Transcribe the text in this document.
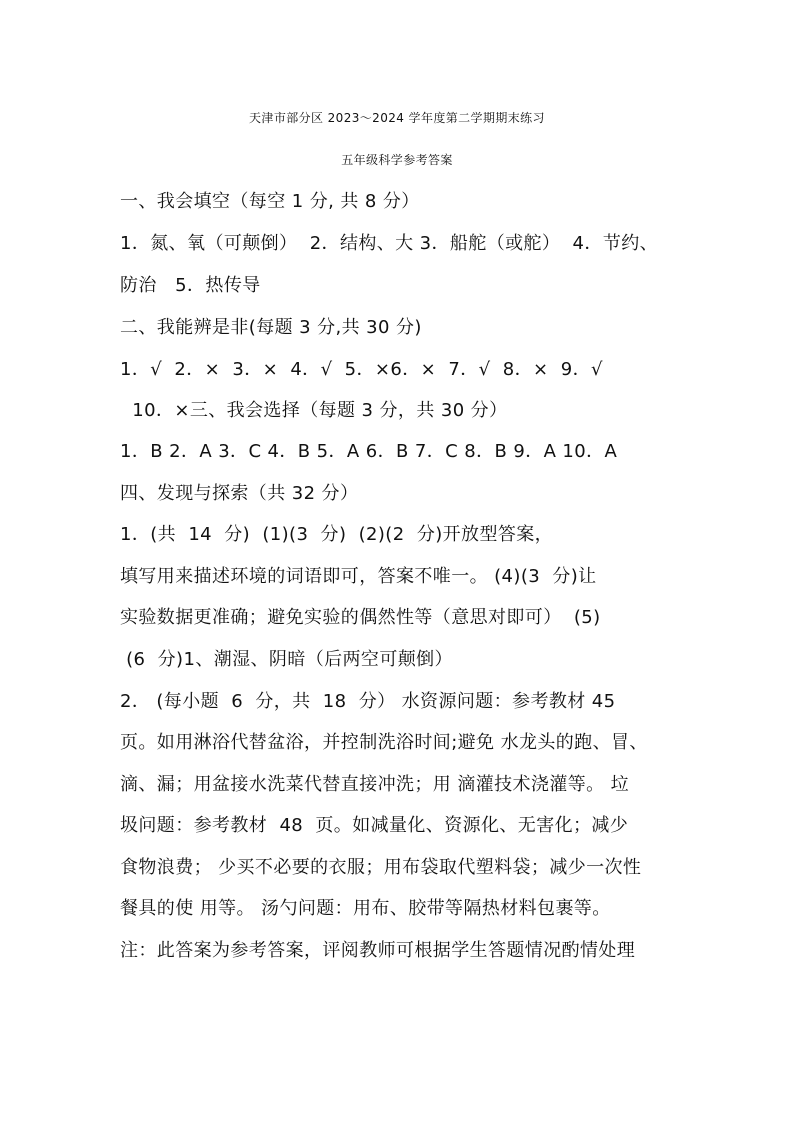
天津市部分区 2023～2024 学年度第二学期期末练习
五年级科学参考答案
一、我会填空（每空 1 分, 共 8 分）
1．氮、氧（可颠倒）  2．结构、大 3．船舵（或舵）  4．节约、
防治   5．热传导
二、我能辨是非(每题 3 分,共 30 分)
1．√  2．×  3．×  4．√  5．×6．×  7．√  8．×  9．√
10．×三、我会选择（每题 3 分，共 30 分）
1．B 2．A 3．C 4．B 5．A 6．B 7．C 8．B 9．A 10．A
四、发现与探索（共 32 分）
1．(共  14  分)  (1)(3  分)  (2)(2  分)开放型答案，
填写用来描述环境的词语即可，答案不唯一。 (4)(3  分)让
实验数据更准确；避免实验的偶然性等（意思对即可）  (5)
(6  分)1、潮湿、阴暗（后两空可颠倒）
2． (每小题  6  分，共  18  分） 水资源问题：参考教材 45
页。如用淋浴代替盆浴，并控制洗浴时间;避免 水龙头的跑、冒、
滴、漏；用盆接水洗菜代替直接冲洗；用 滴灌技术浇灌等。 垃
圾问题：参考教材  48  页。如减量化、资源化、无害化；减少
食物浪费； 少买不必要的衣服；用布袋取代塑料袋；减少一次性
餐具的使 用等。 汤勺问题：用布、胶带等隔热材料包裹等。
注：此答案为参考答案，评阅教师可根据学生答题情况酌情处理
